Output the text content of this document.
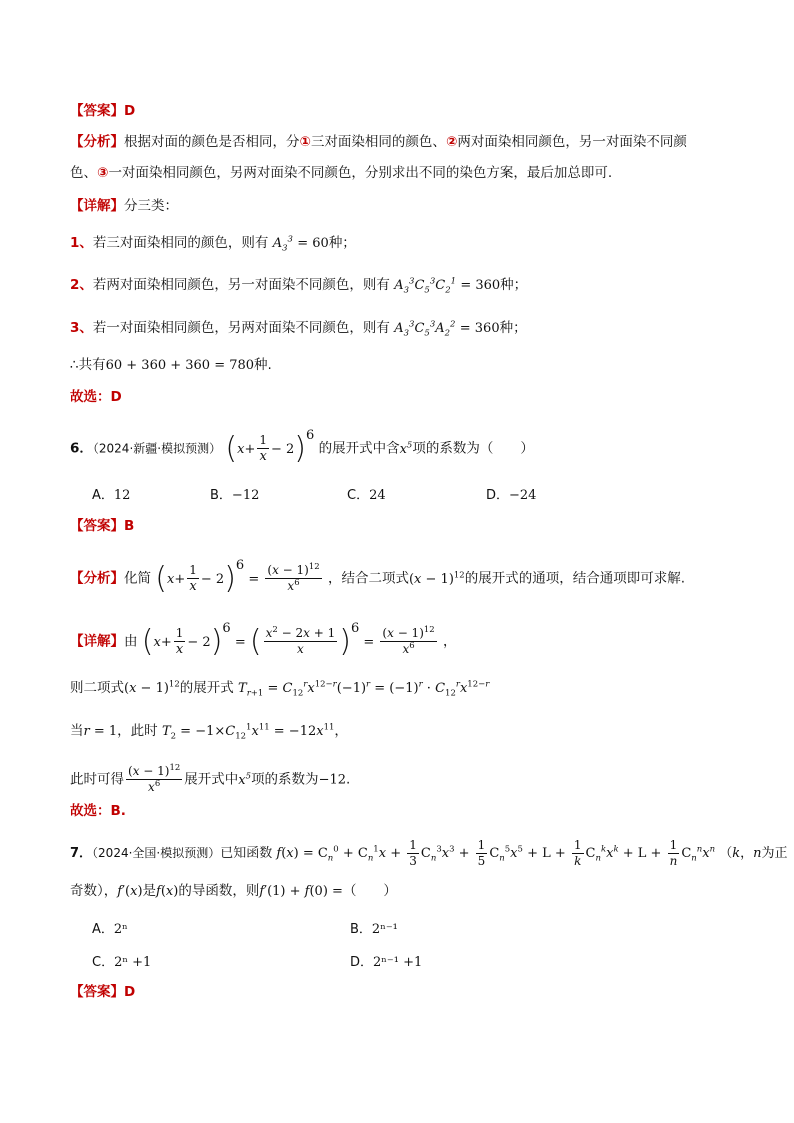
【答案】D
【分析】根据对面的颜色是否相同，分①三对面染相同的颜色、②两对面染相同颜色，另一对面染不同颜
色、③一对面染相同颜色，另两对面染不同颜色，分别求出不同的染色方案，最后加总即可.
【详解】分三类：
1、若三对面染相同的颜色，则有 $A_3^3 = 60$种；
2、若两对面染相同颜色，另一对面染不同颜色，则有 $A_3^3C_5^3C_2^1 = 360$种；
3、若一对面染相同颜色，另两对面染不同颜色，则有 $A_3^3C_5^3A_2^2 = 360$种；
∴共有60 + 360 + 360 = 780种.
故选：D
6．（2024·新疆·模拟预测） $(x+ \frac{1}{x} - 2)^6$ 的展开式中含$x^5$项的系数为（　　）
A．12	B．−12	C．24	D．−24
【答案】B
【分析】化简 $(x+ \frac{1}{x} - 2)^6 = \frac{(x - 1)^{12}}{x^6}$ ，结合二项式$(x - 1)^{12}$的展开式的通项，结合通项即可求解.
【详解】由 $(x+ \frac{1}{x} - 2)^6$ = ( $\frac{x^2 - 2x + 1}{x} )^6 = \frac{(x - 1)^{12}}{x^6}$ ，
则二项式$(x - 1)^{12}$的展开式 $T_{r+1} = C_{12}^rx^{12-r}(-1)^r = (-1)^r \cdot C_{12}^rx^{12-r}$
当r = 1，此时 $T_2 = -1\times C_{12}^1x^{11} = -12x^{11}$，
此时可得 $\frac{(x - 1)^{12}}{x^6}$ 展开式中$x^5$项的系数为−12.
故选：B.
7．（2024·全国·模拟预测）已知函数 $f(x) = C_n^0 + C_n^1x + \frac{1}{3} C_n^3x^3 + \frac{1}{5} C_n^5x^5 + L + \frac{1}{k} C_n^kx^k + L + \frac{1}{n} C_n^nx^n$ （k，n为正
奇数），f′(x)是f(x)的导函数，则f′(1) + f(0) =（　　）
A．2ⁿ	B．2ⁿ⁻¹
C．2ⁿ +1	D．2ⁿ⁻¹ +1
【答案】D
